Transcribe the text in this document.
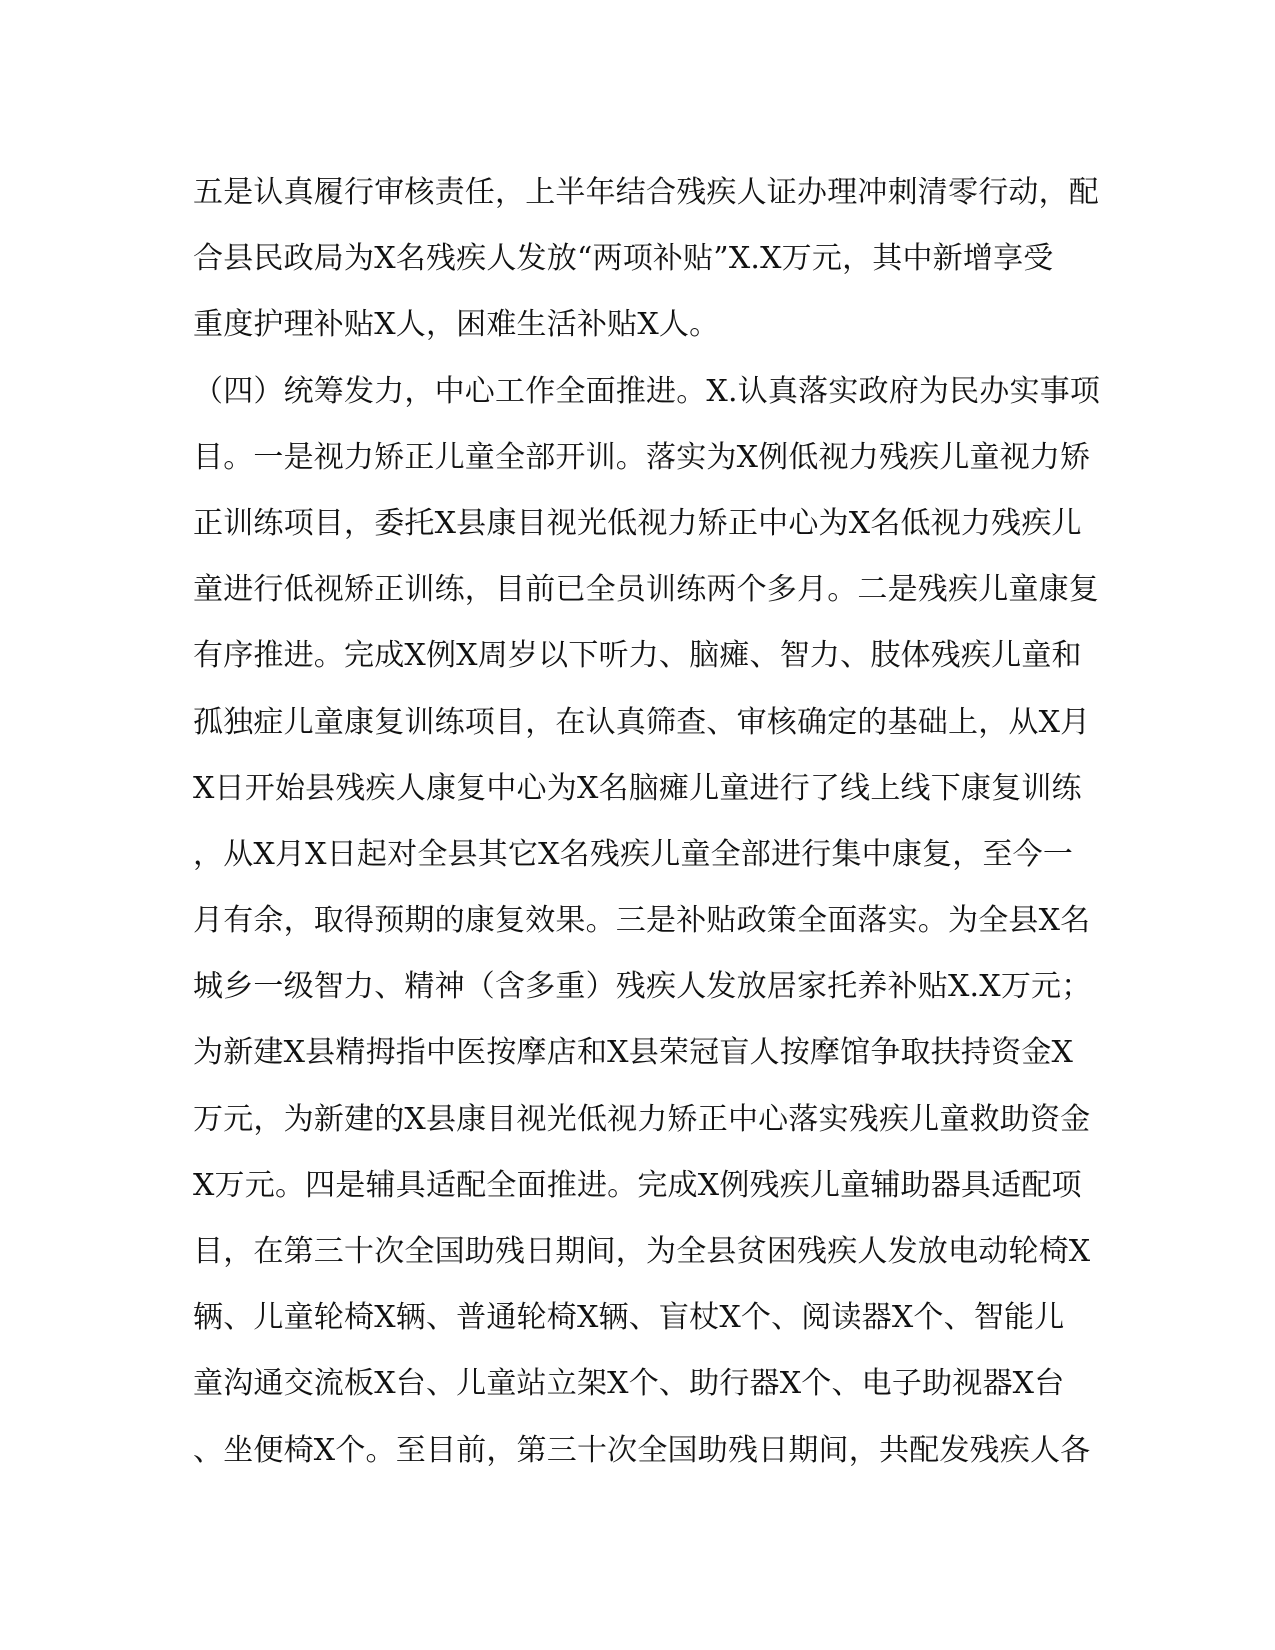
五是认真履行审核责任，上半年结合残疾人证办理冲刺清零行动，配
合县民政局为X名残疾人发放“两项补贴”X.X万元，其中新增享受
重度护理补贴X人，困难生活补贴X人。
（四）统筹发力，中心工作全面推进。X.认真落实政府为民办实事项
目。一是视力矫正儿童全部开训。落实为X例低视力残疾儿童视力矫
正训练项目，委托X县康目视光低视力矫正中心为X名低视力残疾儿
童进行低视矫正训练，目前已全员训练两个多月。二是残疾儿童康复
有序推进。完成X例X周岁以下听力、脑瘫、智力、肢体残疾儿童和
孤独症儿童康复训练项目，在认真筛查、审核确定的基础上，从X月
X日开始县残疾人康复中心为X名脑瘫儿童进行了线上线下康复训练
，从X月X日起对全县其它X名残疾儿童全部进行集中康复，至今一
月有余，取得预期的康复效果。三是补贴政策全面落实。为全县X名
城乡一级智力、精神（含多重）残疾人发放居家托养补贴X.X万元；
为新建X县精拇指中医按摩店和X县荣冠盲人按摩馆争取扶持资金X
万元，为新建的X县康目视光低视力矫正中心落实残疾儿童救助资金
X万元。四是辅具适配全面推进。完成X例残疾儿童辅助器具适配项
目，在第三十次全国助残日期间，为全县贫困残疾人发放电动轮椅X
辆、儿童轮椅X辆、普通轮椅X辆、盲杖X个、阅读器X个、智能儿
童沟通交流板X台、儿童站立架X个、助行器X个、电子助视器X台
、坐便椅X个。至目前，第三十次全国助残日期间，共配发残疾人各
